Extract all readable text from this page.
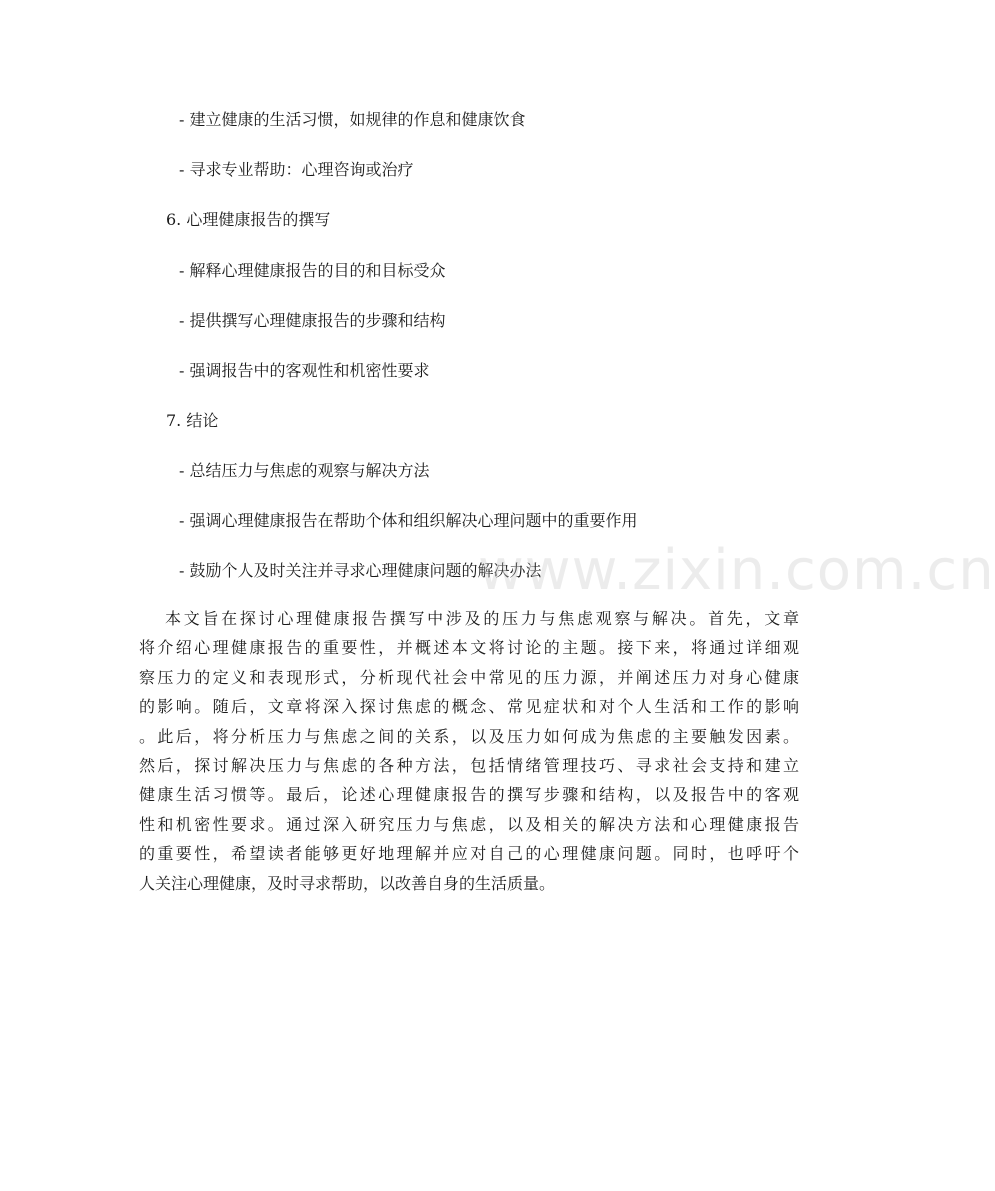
- 建立健康的生活习惯，如规律的作息和健康饮食
- 寻求专业帮助：心理咨询或治疗
6. 心理健康报告的撰写
- 解释心理健康报告的目的和目标受众
- 提供撰写心理健康报告的步骤和结构
- 强调报告中的客观性和机密性要求
7. 结论
- 总结压力与焦虑的观察与解决方法
- 强调心理健康报告在帮助个体和组织解决心理问题中的重要作用
- 鼓励个人及时关注并寻求心理健康问题的解决办法
www.zixin.com.cn

本文旨在探讨心理健康报告撰写中涉及的压力与焦虑观察与解决。首先，文章
将介绍心理健康报告的重要性，并概述本文将讨论的主题。接下来，将通过详细观
察压力的定义和表现形式，分析现代社会中常见的压力源，并阐述压力对身心健康
的影响。随后，文章将深入探讨焦虑的概念、常见症状和对个人生活和工作的影响
。此后，将分析压力与焦虑之间的关系，以及压力如何成为焦虑的主要触发因素。
然后，探讨解决压力与焦虑的各种方法，包括情绪管理技巧、寻求社会支持和建立
健康生活习惯等。最后，论述心理健康报告的撰写步骤和结构，以及报告中的客观
性和机密性要求。通过深入研究压力与焦虑，以及相关的解决方法和心理健康报告
的重要性，希望读者能够更好地理解并应对自己的心理健康问题。同时，也呼吁个
人关注心理健康，及时寻求帮助，以改善自身的生活质量。
